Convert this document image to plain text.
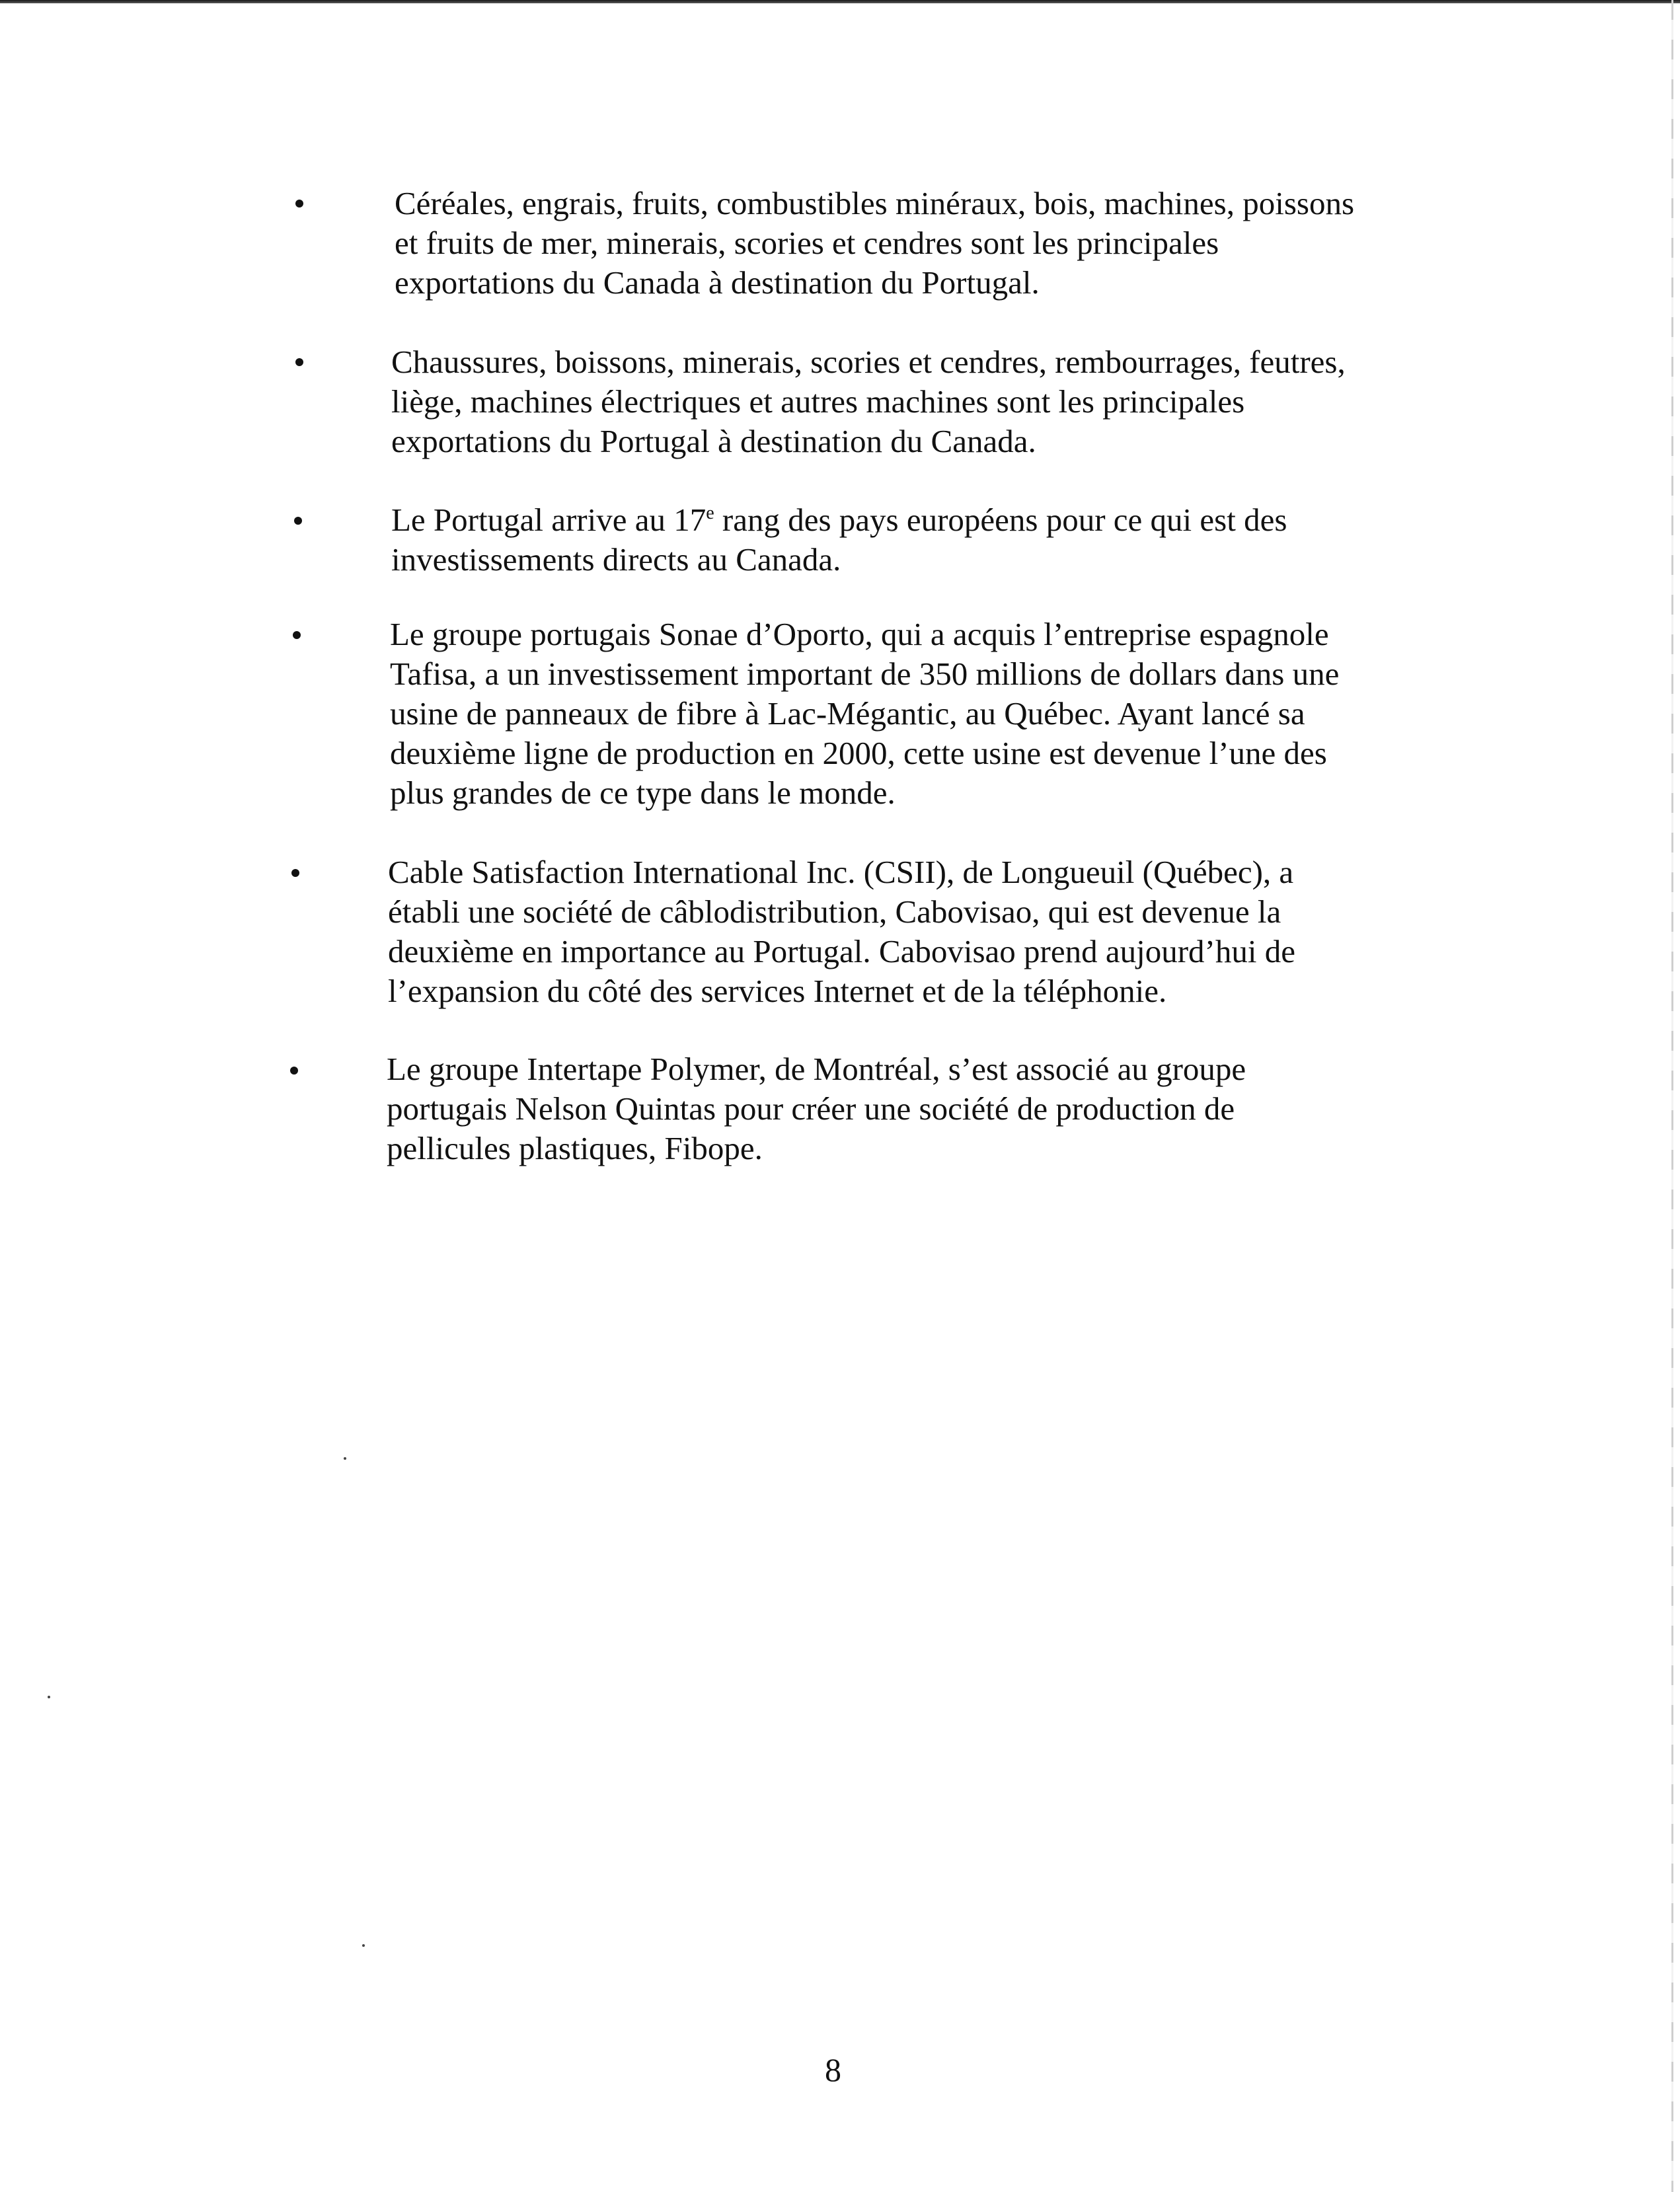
Céréales, engrais, fruits, combustibles minéraux, bois, machines, poissons
et fruits de mer, minerais, scories et cendres sont les principales
exportations du Canada à destination du Portugal.
Chaussures, boissons, minerais, scories et cendres, rembourrages, feutres,
liège, machines électriques et autres machines sont les principales
exportations du Portugal à destination du Canada.
Le Portugal arrive au 17e rang des pays européens pour ce qui est des
investissements directs au Canada.
Le groupe portugais Sonae d’Oporto, qui a acquis l’entreprise espagnole
Tafisa, a un investissement important de 350 millions de dollars dans une
usine de panneaux de fibre à Lac-Mégantic, au Québec. Ayant lancé sa
deuxième ligne de production en 2000, cette usine est devenue l’une des
plus grandes de ce type dans le monde.
Cable Satisfaction International Inc. (CSII), de Longueuil (Québec), a
établi une société de câblodistribution, Cabovisao, qui est devenue la
deuxième en importance au Portugal. Cabovisao prend aujourd’hui de
l’expansion du côté des services Internet et de la téléphonie.
Le groupe Intertape Polymer, de Montréal, s’est associé au groupe
portugais Nelson Quintas pour créer une société de production de
pellicules plastiques, Fibope.
8
